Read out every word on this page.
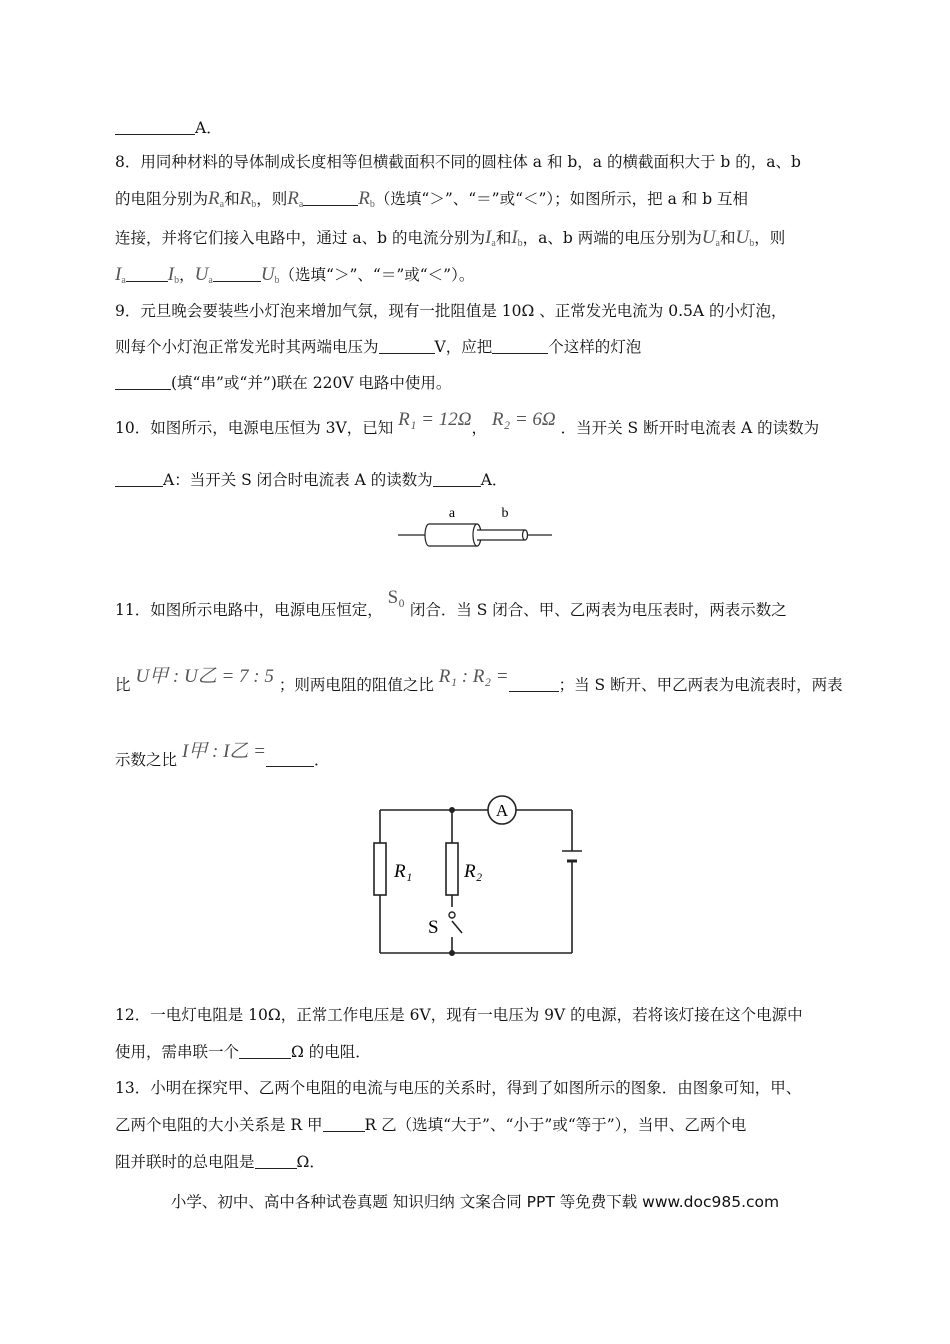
A．
8．用同种材料的导体制成长度相等但横截面积不同的圆柱体 a 和 b，a 的横截面积大于 b 的，a、b
的电阻分别为$R_a$和$R_b$，则$R_a$	$R_b$（选填“＞”、“＝”或“＜”）；如图所示，把 a 和 b 互相
连接，并将它们接入电路中，通过 a、b 的电流分别为$I_a$和$I_b$，a、b 两端的电压分别为$U_a$和$U_b$，则
$I_a$ $I_b$，$U_a$	$U_b$（选填“＞”、“＝”或“＜”）。
9．元旦晚会要装些小灯泡来增加气氛，现有一批阻值是 10Ω 、正常发光电流为 0.5A 的小灯泡，
则每个小灯泡正常发光时其两端电压为	V，应把	个这样的灯泡
(填“串”或“并”)联在 220V 电路中使用。
10．如图所示，电源电压恒为 3V，已知 R₁ = 12Ω， R₂ = 6Ω ．当开关 S 断开时电流表 A 的读数为
A：当开关 S 闭合时电流表 A 的读数为	A．
a	b
11．如图所示电路中，电源电压恒定， S₀ 闭合．当 S 闭合、甲、乙两表为电压表时，两表示数之
比 U甲 : U乙 = 7 : 5 ；则两电阻的阻值之比 R₁ : R₂ =	；当 S 断开、甲乙两表为电流表时，两表
示数之比 I甲 : I乙 =	．
A
R₁	R₂
S
12．一电灯电阻是 10Ω，正常工作电压是 6V，现有一电压为 9V 的电源，若将该灯接在这个电源中
使用，需串联一个	Ω 的电阻．
13．小明在探究甲、乙两个电阻的电流与电压的关系时，得到了如图所示的图象．由图象可知，甲、
乙两个电阻的大小关系是 R 甲	R 乙（选填“大于”、“小于”或“等于”），当甲、乙两个电
阻并联时的总电阻是	Ω．
小学、初中、高中各种试卷真题 知识归纳 文案合同 PPT 等免费下载 www.doc985.com
